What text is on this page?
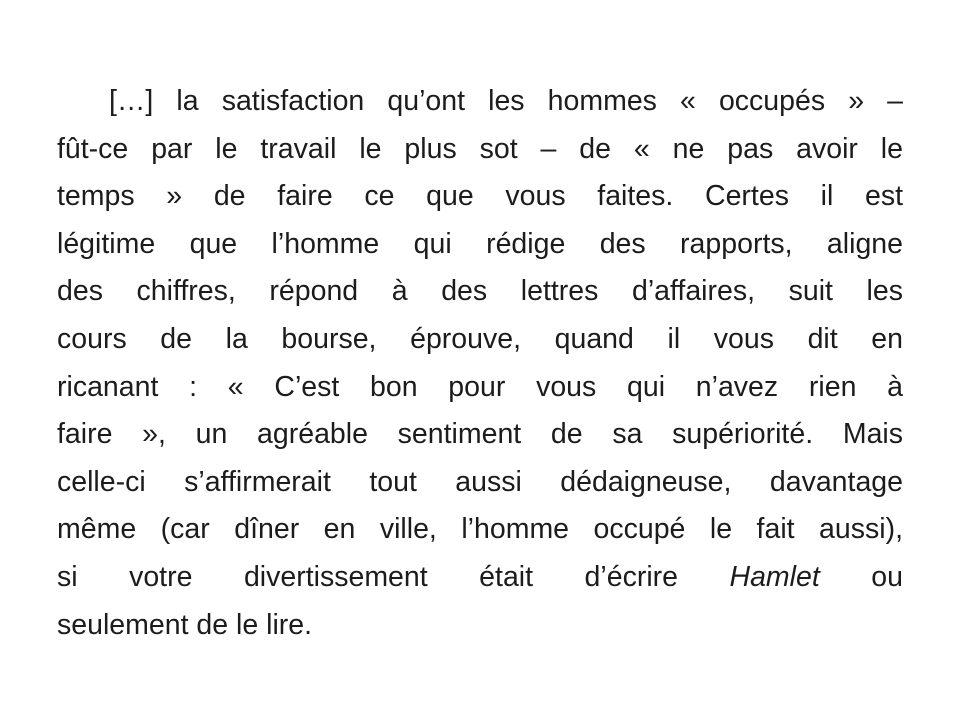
[…] la satisfaction qu’ont les hommes « occupés » –
fût-ce par le travail le plus sot – de « ne pas avoir le
temps » de faire ce que vous faites. Certes il est
légitime que l’homme qui rédige des rapports, aligne
des chiffres, répond à des lettres d’affaires, suit les
cours de la bourse, éprouve, quand il vous dit en
ricanant : « C’est bon pour vous qui n’avez rien à
faire », un agréable sentiment de sa supériorité. Mais
celle-ci s’affirmerait tout aussi dédaigneuse, davantage
même (car dîner en ville, l’homme occupé le fait aussi),
si votre divertissement était d’écrire Hamlet ou
seulement de le lire.
